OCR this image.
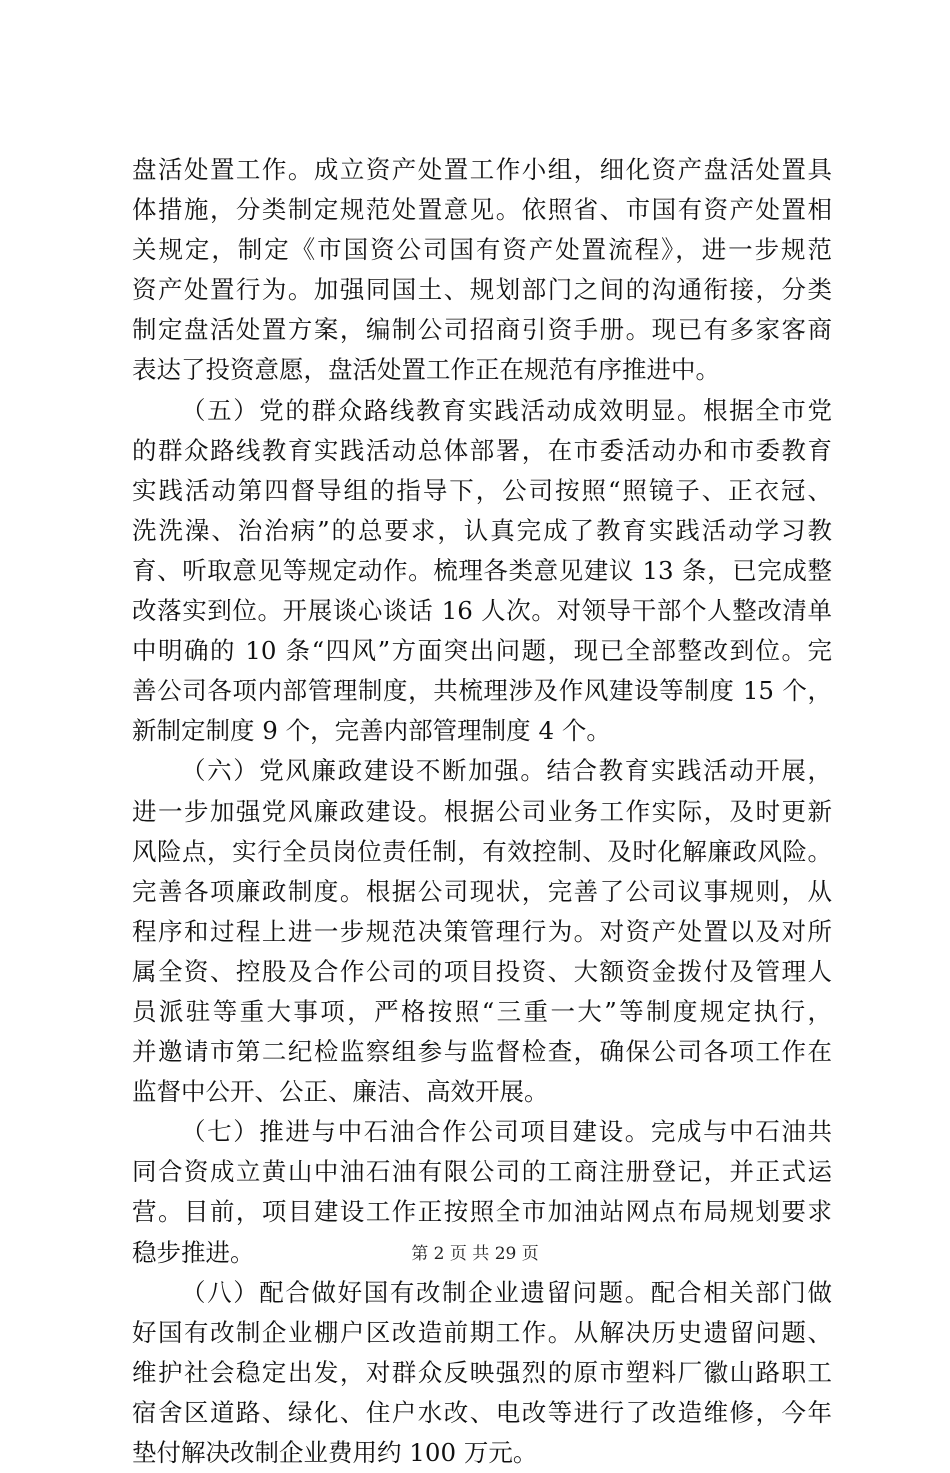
盘活处置工作。成立资产处置工作小组，细化资产盘活处置具
体措施，分类制定规范处置意见。依照省、市国有资产处置相
关规定，制定《市国资公司国有资产处置流程》，进一步规范
资产处置行为。加强同国土、规划部门之间的沟通衔接，分类
制定盘活处置方案，编制公司招商引资手册。现已有多家客商
表达了投资意愿，盘活处置工作正在规范有序推进中。
（五）党的群众路线教育实践活动成效明显。根据全市党
的群众路线教育实践活动总体部署，在市委活动办和市委教育
实践活动第四督导组的指导下，公司按照“照镜子、正衣冠、
洗洗澡、治治病”的总要求，认真完成了教育实践活动学习教
育、听取意见等规定动作。梳理各类意见建议 13 条，已完成整
改落实到位。开展谈心谈话 16 人次。对领导干部个人整改清单
中明确的 10 条“四风”方面突出问题，现已全部整改到位。完
善公司各项内部管理制度，共梳理涉及作风建设等制度 15 个，
新制定制度 9 个，完善内部管理制度 4 个。
（六）党风廉政建设不断加强。结合教育实践活动开展，
进一步加强党风廉政建设。根据公司业务工作实际，及时更新
风险点，实行全员岗位责任制，有效控制、及时化解廉政风险。
完善各项廉政制度。根据公司现状，完善了公司议事规则，从
程序和过程上进一步规范决策管理行为。对资产处置以及对所
属全资、控股及合作公司的项目投资、大额资金拨付及管理人
员派驻等重大事项，严格按照“三重一大”等制度规定执行，
并邀请市第二纪检监察组参与监督检查，确保公司各项工作在
监督中公开、公正、廉洁、高效开展。
（七）推进与中石油合作公司项目建设。完成与中石油共
同合资成立黄山中油石油有限公司的工商注册登记，并正式运
营。目前，项目建设工作正按照全市加油站网点布局规划要求
稳步推进。
（八）配合做好国有改制企业遗留问题。配合相关部门做
好国有改制企业棚户区改造前期工作。从解决历史遗留问题、
维护社会稳定出发，对群众反映强烈的原市塑料厂徽山路职工
宿舍区道路、绿化、住户水改、电改等进行了改造维修，今年
垫付解决改制企业费用约 100 万元。
第 2 页 共 29 页
